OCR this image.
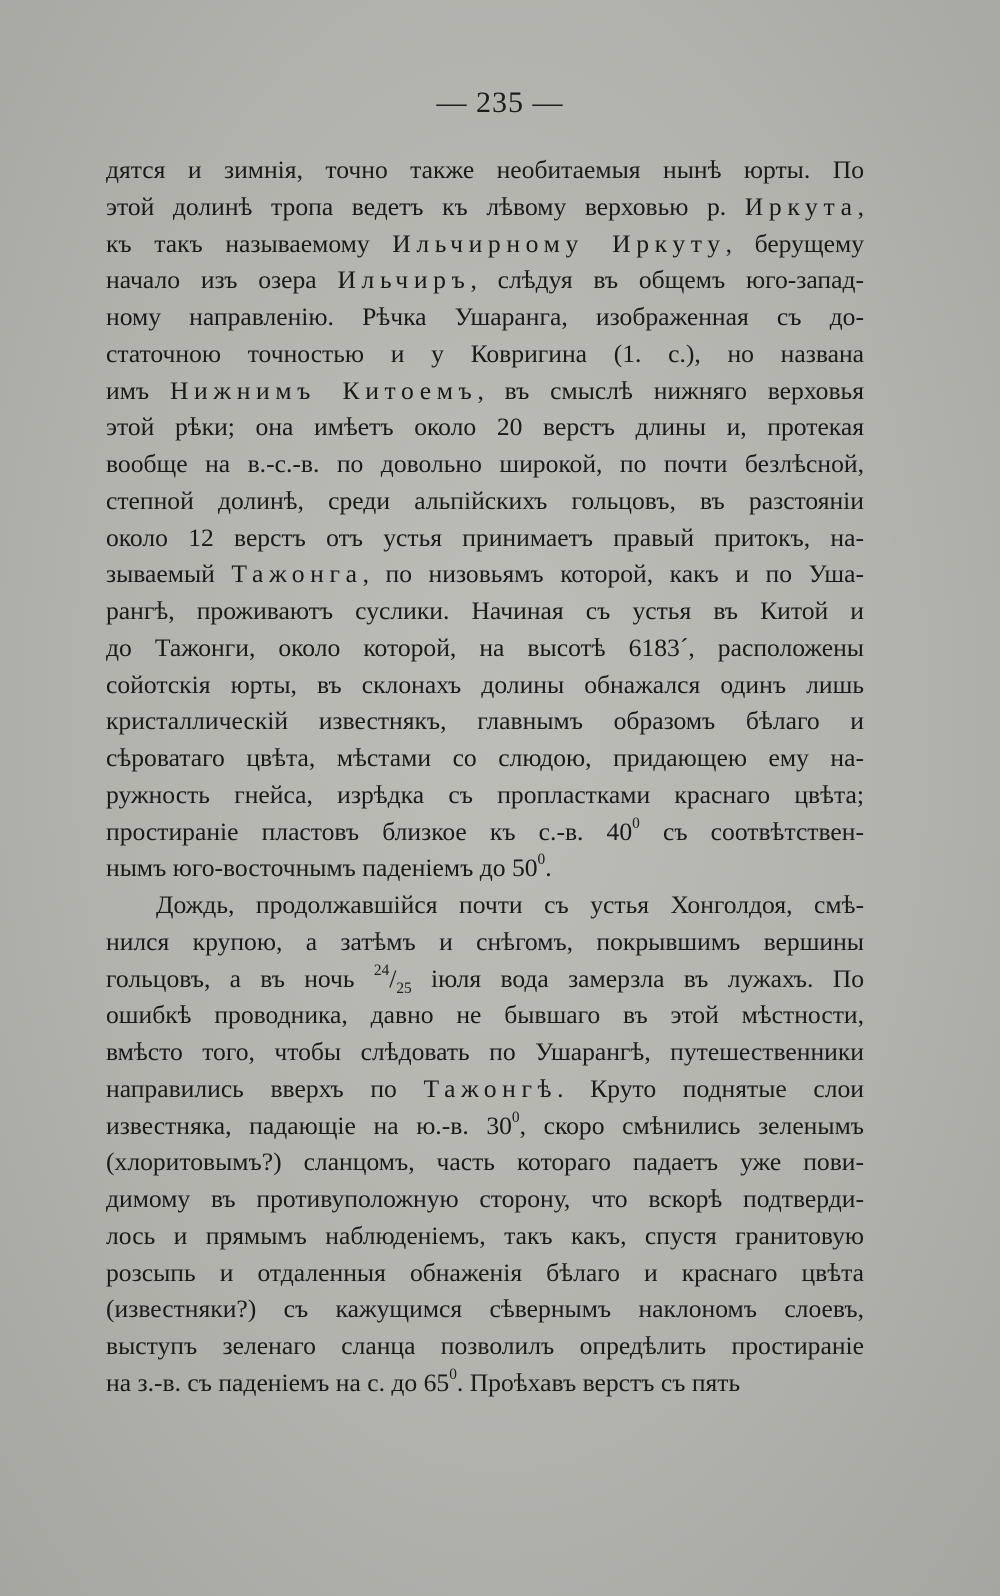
— 235 —
дятся и зимнія, точно также необитаемыя нынѣ юрты. По
этой долинѣ тропа ведетъ къ лѣвому верховью р. Иркута,
къ такъ называемому Ильчирному Иркуту, берущему
начало изъ озера Ильчиръ, слѣдуя въ общемъ юго-запад-
ному направленію. Рѣчка Ушаранга, изображенная съ до-
статочною точностью и у Ковригина (1. с.), но названа
имъ Нижнимъ Китоемъ, въ смыслѣ нижняго верховья
этой рѣки; она имѣетъ около 20 верстъ длины и, протекая
вообще на в.-с.-в. по довольно широкой, по почти безлѣсной,
степной долинѣ, среди альпійскихъ гольцовъ, въ разстояніи
около 12 верстъ отъ устья принимаетъ правый притокъ, на-
зываемый Тажонга, по низовьямъ которой, какъ и по Уша-
рангѣ, проживаютъ суслики. Начиная съ устья въ Китой и
до Тажонги, около которой, на высотѣ 6183´, расположены
сойотскія юрты, въ склонахъ долины обнажался одинъ лишь
кристаллическій известнякъ, главнымъ образомъ бѣлаго и
сѣроватаго цвѣта, мѣстами со слюдою, придающею ему на-
ружность гнейса, изрѣдка съ пропластками краснаго цвѣта;
простираніе пластовъ близкое къ с.-в. $40^0$ съ соотвѣтствен-
нымъ юго-восточнымъ паденіемъ до $50^0$.
Дождь, продолжавшійся почти съ устья Хонголдоя, смѣ-
нился крупою, а затѣмъ и снѣгомъ, покрывшимъ вершины
гольцовъ, а въ ночь $^{24}/_{25}$ іюля вода замерзла въ лужахъ. По
ошибкѣ проводника, давно не бывшаго въ этой мѣстности,
вмѣсто того, чтобы слѣдовать по Ушарангѣ, путешественники
направились вверхъ по Тажонгѣ. Круто поднятые слои
известняка, падающіе на ю.-в. $30^0$, скоро смѣнились зеленымъ
(хлоритовымъ?) сланцомъ, часть котораго падаетъ уже пови-
димому въ противуположную сторону, что вскорѣ подтверди-
лось и прямымъ наблюденіемъ, такъ какъ, спустя гранитовую
розсыпь и отдаленныя обнаженія бѣлаго и краснаго цвѣта
(известняки?) съ кажущимся сѣвернымъ наклономъ слоевъ,
выступъ зеленаго сланца позволилъ опредѣлить простираніе
на з.-в. съ паденіемъ на с. до $65^0$. Проѣхавъ верстъ съ пять
